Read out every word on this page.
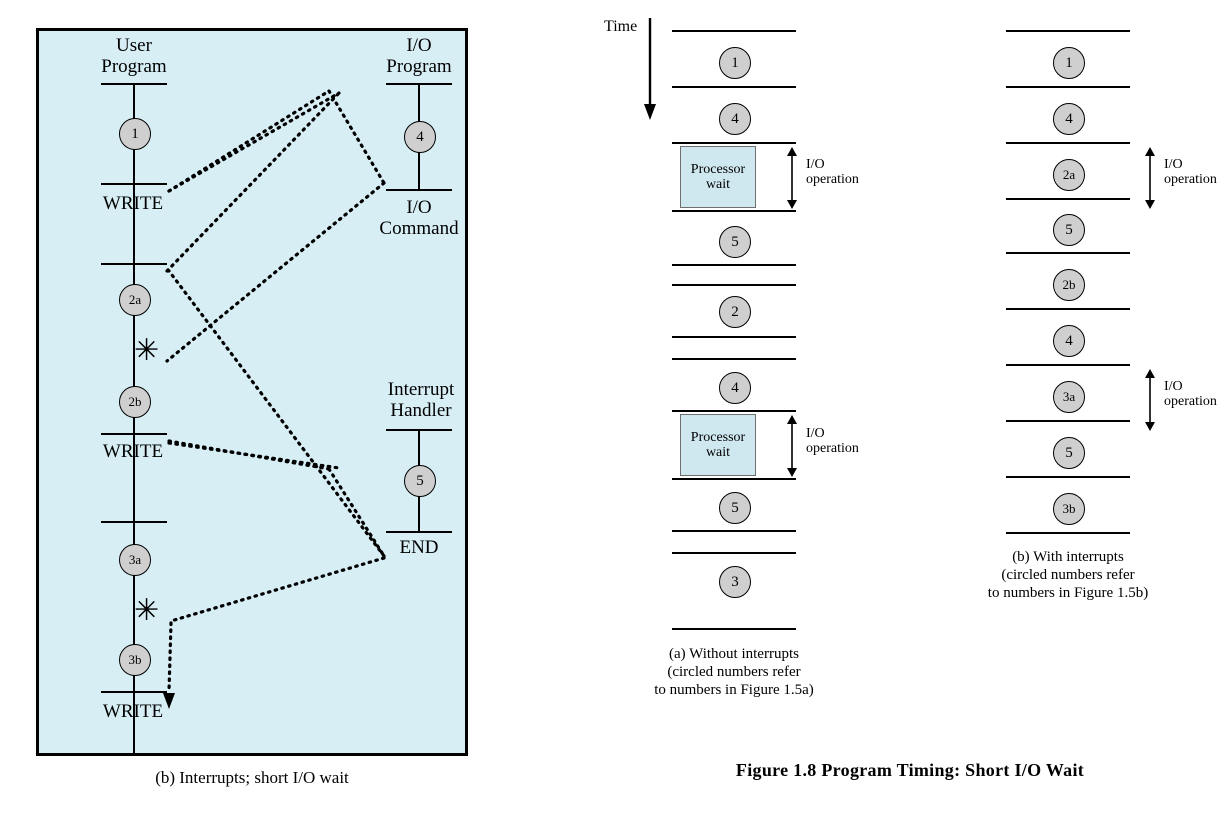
User
Program
1
WRITE
2a
✳
2b
WRITE
3a
✳
3b
WRITE
I/O
Program
4
I/O
Command
Interrupt
Handler
5
END
(b) Interrupts; short I/O wait
Time
1
4
Processor
wait
I/O
operation
5
2
4
Processor
wait
I/O
operation
5
3
(a) Without interrupts
(circled numbers refer
to numbers in Figure 1.5a)
1
4
2a
I/O
operation
5
2b
4
3a
I/O
operation
5
3b
(b) With interrupts
(circled numbers refer
to numbers in Figure 1.5b)
Figure 1.8 Program Timing: Short I/O Wait
